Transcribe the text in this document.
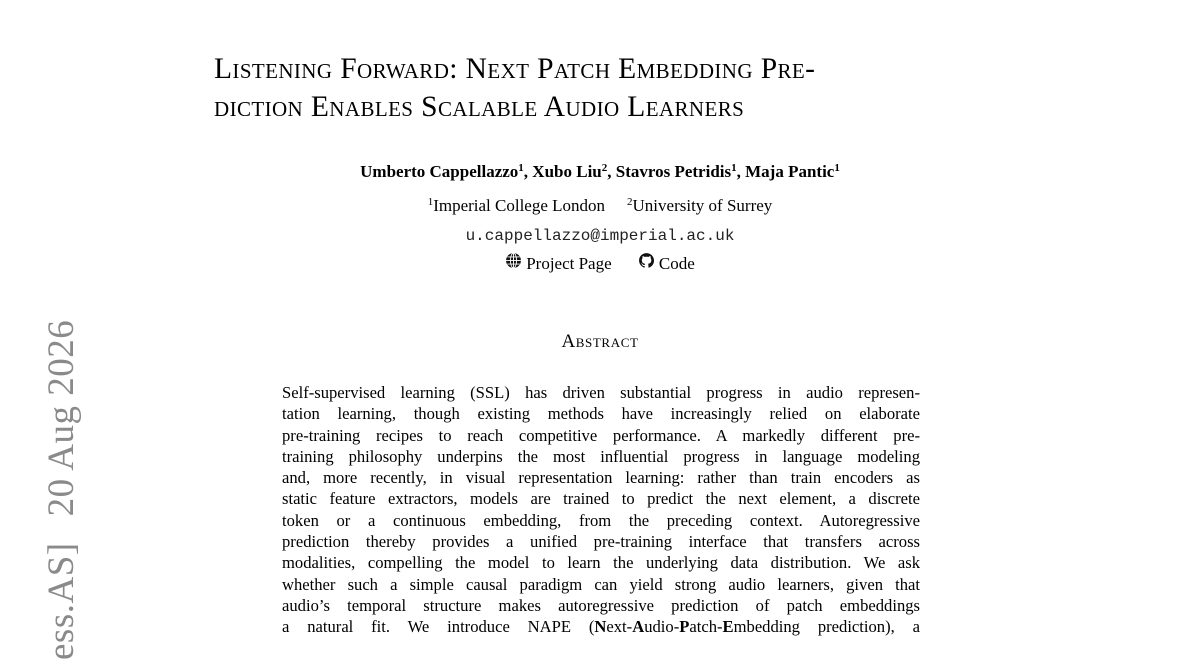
ess.AS]20 Aug 2026
Listening Forward: Next Patch Embedding Pre-
diction Enables Scalable Audio Learners
Umberto Cappellazzo$^1$, Xubo Liu$^2$, Stavros Petridis$^1$, Maja Pantic$^1$
$^1$Imperial College London $^2$University of Surrey
u.cappellazzo@imperial.ac.uk
Project Page
	Code
Abstract
Self-supervised learning (SSL) has driven substantial progress in audio represen-
tation learning, though existing methods have increasingly relied on elaborate
pre-training recipes to reach competitive performance. A markedly different pre-
training philosophy underpins the most influential progress in language modeling
and, more recently, in visual representation learning: rather than train encoders as
static feature extractors, models are trained to predict the next element, a discrete
token or a continuous embedding, from the preceding context. Autoregressive
prediction thereby provides a unified pre-training interface that transfers across
modalities, compelling the model to learn the underlying data distribution. We ask
whether such a simple causal paradigm can yield strong audio learners, given that
audio’s temporal structure makes autoregressive prediction of patch embeddings
a natural fit. We introduce NAPE (Next-Audio-Patch-Embedding prediction), a
